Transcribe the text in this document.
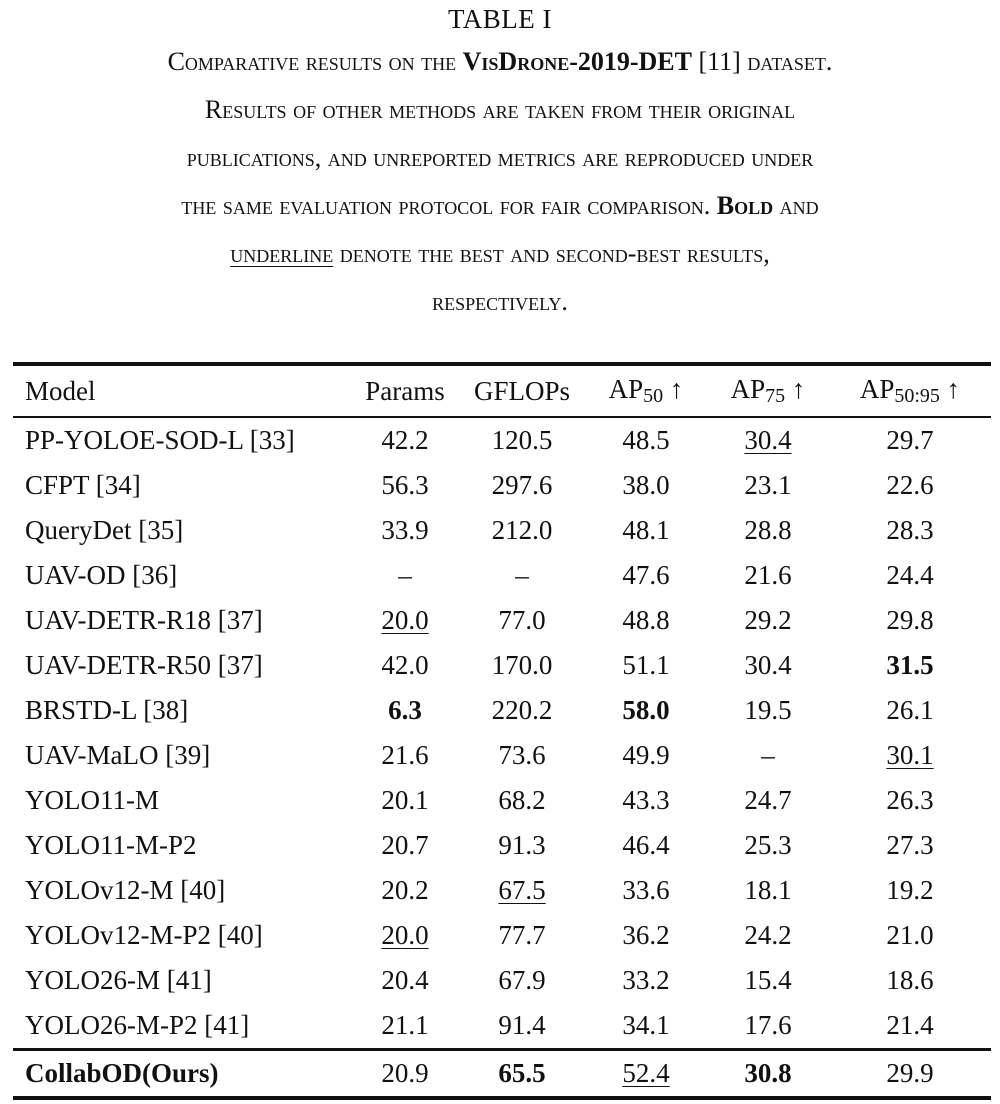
TABLE I
Comparative results on the VisDrone-2019-DET [11] dataset.
Results of other methods are taken from their original
publications, and unreported metrics are reproduced under
the same evaluation protocol for fair comparison. Bold and
underline denote the best and second-best results,
respectively.
Model	Params	GFLOPs	$AP_{50}$ ↑	$AP_{75}$ ↑	$AP_{50:95}$ ↑
PP-YOLOE-SOD-L [33]	42.2	120.5	48.5	30.4	29.7
CFPT [34]	56.3	297.6	38.0	23.1	22.6
QueryDet [35]	33.9	212.0	48.1	28.8	28.3
UAV-OD [36]	–	–	47.6	21.6	24.4
UAV-DETR-R18 [37]	20.0	77.0	48.8	29.2	29.8
UAV-DETR-R50 [37]	42.0	170.0	51.1	30.4	31.5
BRSTD-L [38]	6.3	220.2	58.0	19.5	26.1
UAV-MaLO [39]	21.6	73.6	49.9	–	30.1
YOLO11-M	20.1	68.2	43.3	24.7	26.3
YOLO11-M-P2	20.7	91.3	46.4	25.3	27.3
YOLOv12-M [40]	20.2	67.5	33.6	18.1	19.2
YOLOv12-M-P2 [40]	20.0	77.7	36.2	24.2	21.0
YOLO26-M [41]	20.4	67.9	33.2	15.4	18.6
YOLO26-M-P2 [41]	21.1	91.4	34.1	17.6	21.4
CollabOD(Ours)	20.9	65.5	52.4	30.8	29.9
